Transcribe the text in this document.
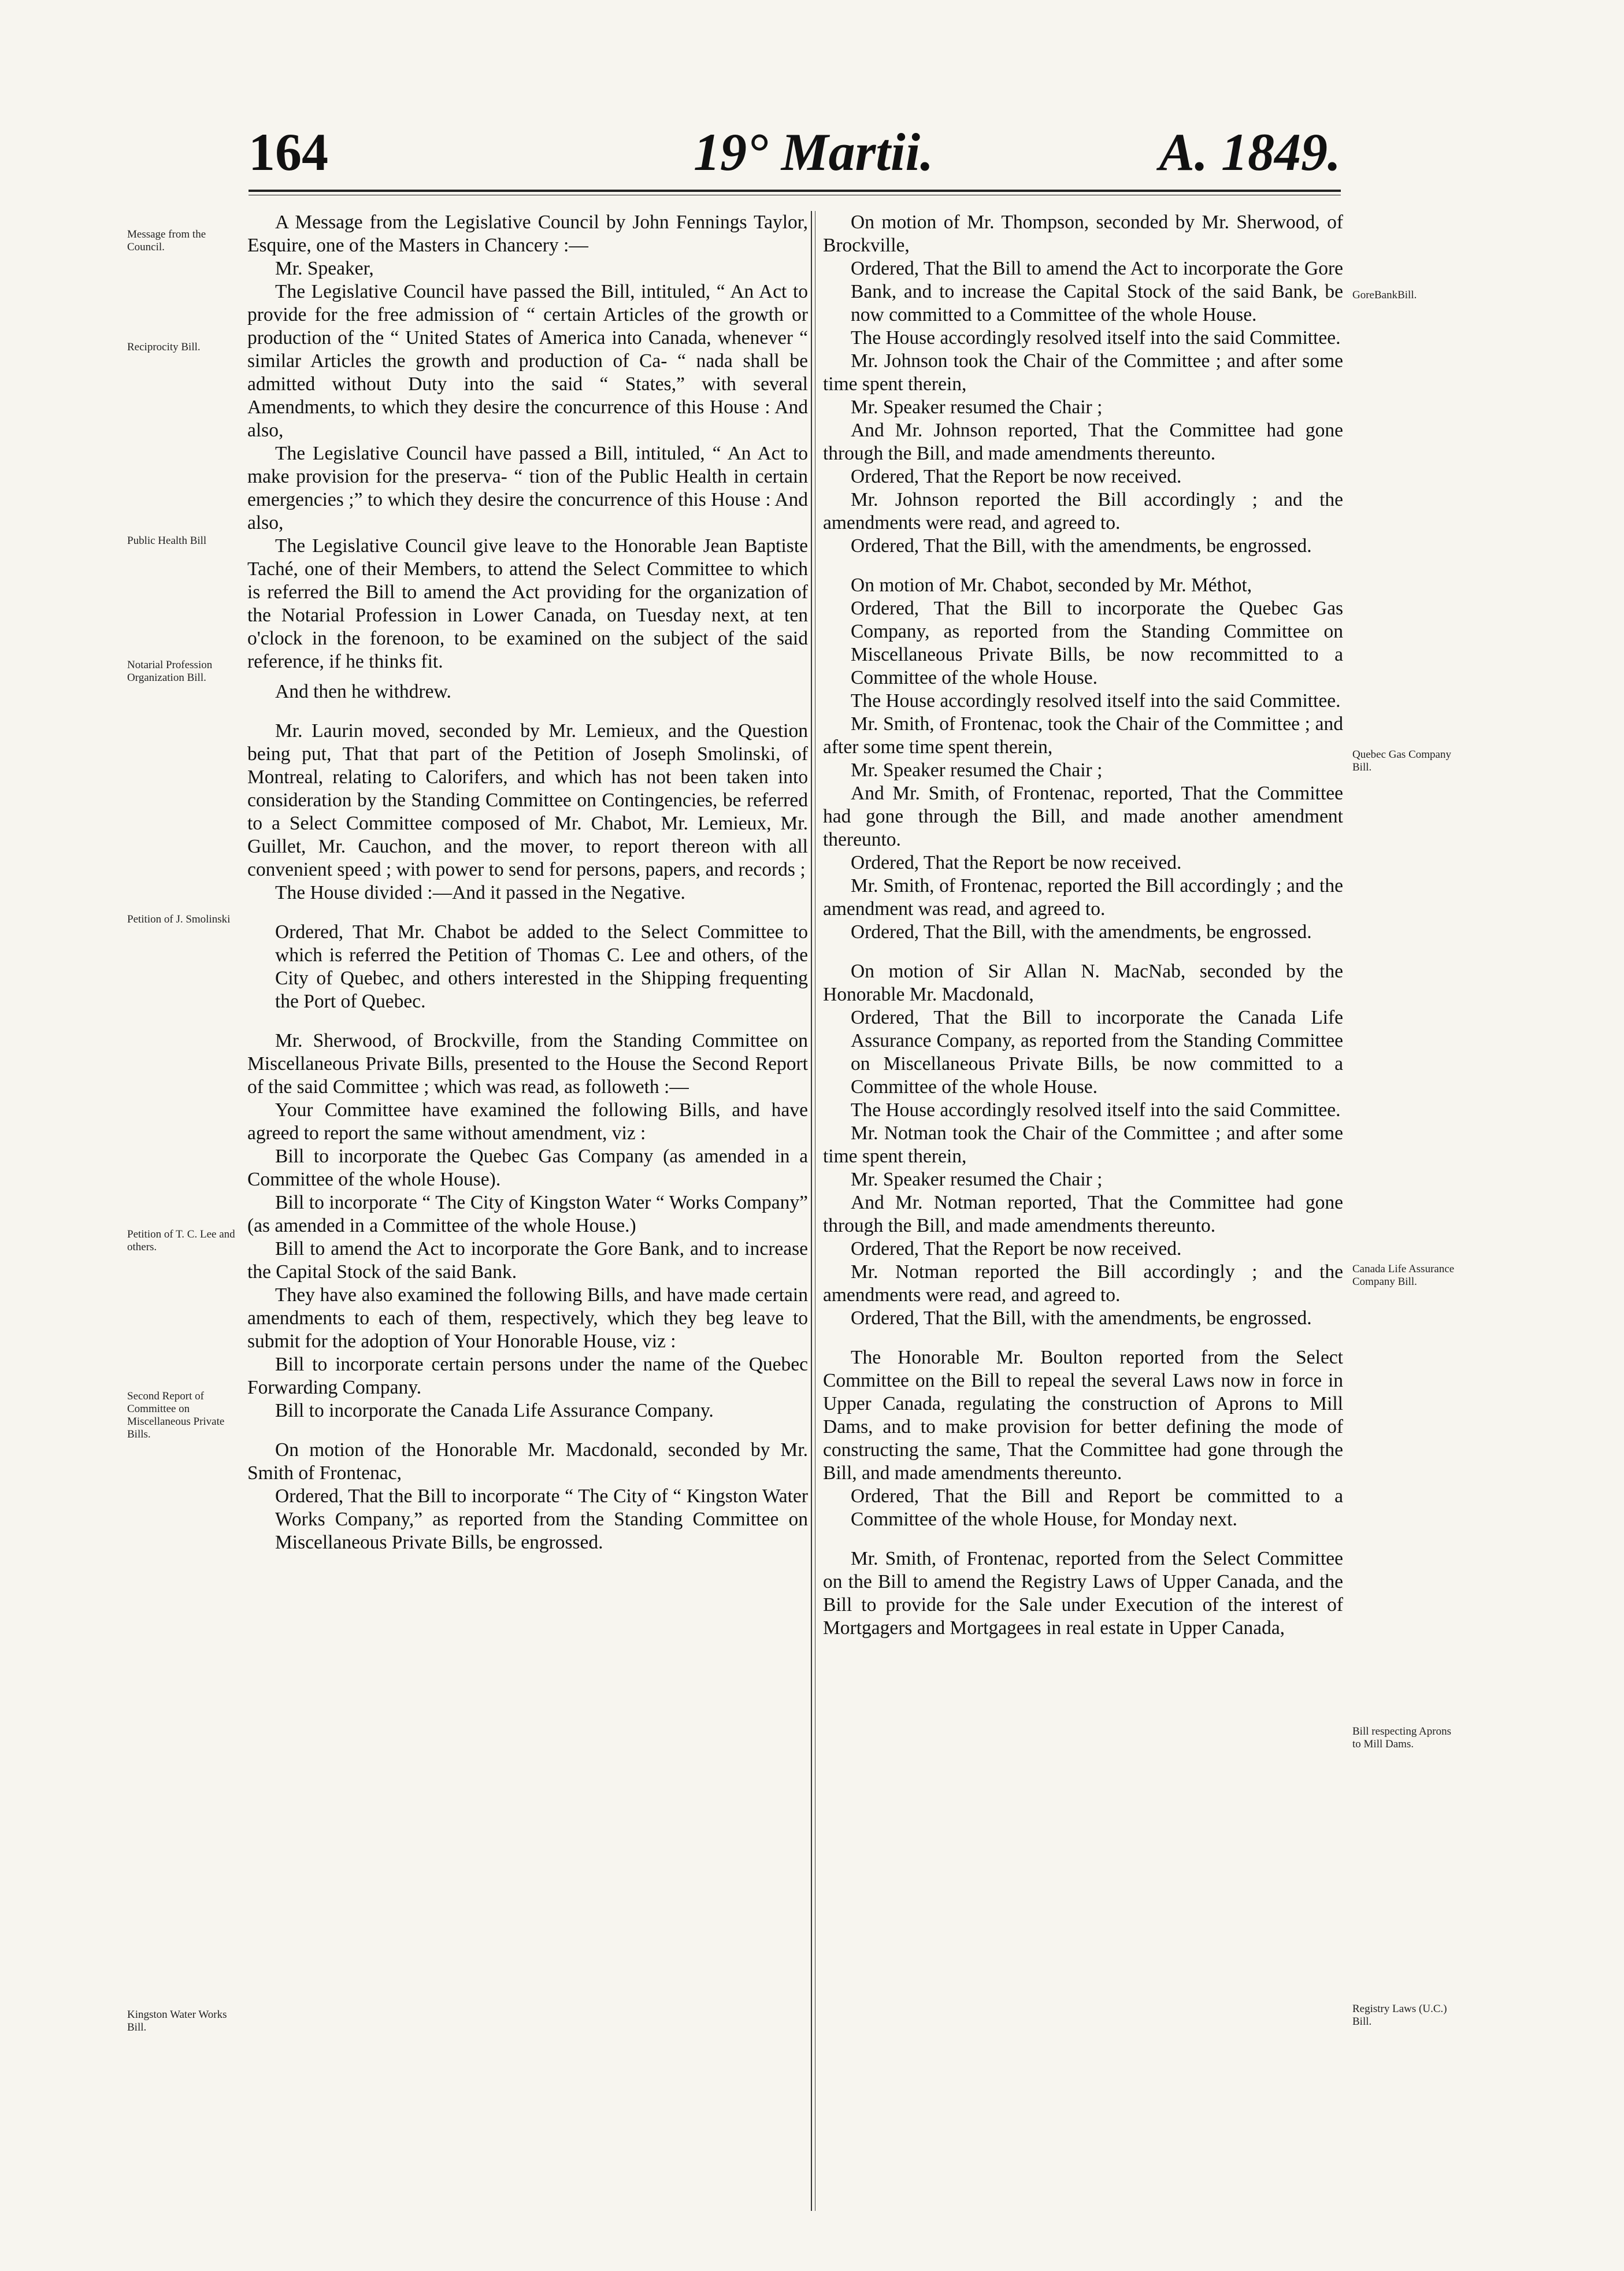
164	19° Martii.	A. 1849.
Message from the Council.
Reciprocity Bill.
Public Health Bill
Notarial Profession Organization Bill.
Petition of J. Smolinski
Petition of T. C. Lee and others.
Second Report of Committee on Miscellaneous Private Bills.
Kingston Water Works Bill.
GoreBankBill.
Quebec Gas Company Bill.
Canada Life Assurance Company Bill.
Bill respecting Aprons to Mill Dams.
Registry Laws (U.C.) Bill.

A Message from the Legislative Council by John Fennings Taylor, Esquire, one of the Masters in Chancery :—

Mr. Speaker,

The Legislative Council have passed the Bill, intituled, “ An Act to provide for the free admission of “ certain Articles of the growth or production of the “ United States of America into Canada, whenever “ similar Articles the growth and production of Ca- “ nada shall be admitted without Duty into the said “ States,” with several Amendments, to which they desire the concurrence of this House : And also,

The Legislative Council have passed a Bill, intituled, “ An Act to make provision for the preserva- “ tion of the Public Health in certain emergencies ;” to which they desire the concurrence of this House : And also,

The Legislative Council give leave to the Honorable Jean Baptiste Taché, one of their Members, to attend the Select Committee to which is referred the Bill to amend the Act providing for the organization of the Notarial Profession in Lower Canada, on Tuesday next, at ten o'clock in the forenoon, to be examined on the subject of the said reference, if he thinks fit.

And then he withdrew.

Mr. Laurin moved, seconded by Mr. Lemieux, and the Question being put, That that part of the Petition of Joseph Smolinski, of Montreal, relating to Calorifers, and which has not been taken into consideration by the Standing Committee on Contingencies, be referred to a Select Committee composed of Mr. Chabot, Mr. Lemieux, Mr. Guillet, Mr. Cauchon, and the mover, to report thereon with all convenient speed ; with power to send for persons, papers, and records ;

The House divided :—And it passed in the Negative.

Ordered, That Mr. Chabot be added to the Select Committee to which is referred the Petition of Thomas C. Lee and others, of the City of Quebec, and others interested in the Shipping frequenting the Port of Quebec.

Mr. Sherwood, of Brockville, from the Standing Committee on Miscellaneous Private Bills, presented to the House the Second Report of the said Committee ; which was read, as followeth :—

Your Committee have examined the following Bills, and have agreed to report the same without amendment, viz :

Bill to incorporate the Quebec Gas Company (as amended in a Committee of the whole House).

Bill to incorporate “ The City of Kingston Water “ Works Company” (as amended in a Committee of the whole House.)

Bill to amend the Act to incorporate the Gore Bank, and to increase the Capital Stock of the said Bank.

They have also examined the following Bills, and have made certain amendments to each of them, respectively, which they beg leave to submit for the adoption of Your Honorable House, viz :

Bill to incorporate certain persons under the name of the Quebec Forwarding Company.

Bill to incorporate the Canada Life Assurance Company.

On motion of the Honorable Mr. Macdonald, seconded by Mr. Smith of Frontenac,

Ordered, That the Bill to incorporate “ The City of “ Kingston Water Works Company,” as reported from the Standing Committee on Miscellaneous Private Bills, be engrossed.

On motion of Mr. Thompson, seconded by Mr. Sherwood, of Brockville,

Ordered, That the Bill to amend the Act to incorporate the Gore Bank, and to increase the Capital Stock of the said Bank, be now committed to a Committee of the whole House.

The House accordingly resolved itself into the said Committee.

Mr. Johnson took the Chair of the Committee ; and after some time spent therein,

Mr. Speaker resumed the Chair ;

And Mr. Johnson reported, That the Committee had gone through the Bill, and made amendments thereunto.

Ordered, That the Report be now received.

Mr. Johnson reported the Bill accordingly ; and the amendments were read, and agreed to.

Ordered, That the Bill, with the amendments, be engrossed.

On motion of Mr. Chabot, seconded by Mr. Méthot,

Ordered, That the Bill to incorporate the Quebec Gas Company, as reported from the Standing Committee on Miscellaneous Private Bills, be now recommitted to a Committee of the whole House.

The House accordingly resolved itself into the said Committee.

Mr. Smith, of Frontenac, took the Chair of the Committee ; and after some time spent therein,

Mr. Speaker resumed the Chair ;

And Mr. Smith, of Frontenac, reported, That the Committee had gone through the Bill, and made another amendment thereunto.

Ordered, That the Report be now received.

Mr. Smith, of Frontenac, reported the Bill accordingly ; and the amendment was read, and agreed to.

Ordered, That the Bill, with the amendments, be engrossed.

On motion of Sir Allan N. MacNab, seconded by the Honorable Mr. Macdonald,

Ordered, That the Bill to incorporate the Canada Life Assurance Company, as reported from the Standing Committee on Miscellaneous Private Bills, be now committed to a Committee of the whole House.

The House accordingly resolved itself into the said Committee.

Mr. Notman took the Chair of the Committee ; and after some time spent therein,

Mr. Speaker resumed the Chair ;

And Mr. Notman reported, That the Committee had gone through the Bill, and made amendments thereunto.

Ordered, That the Report be now received.

Mr. Notman reported the Bill accordingly ; and the amendments were read, and agreed to.

Ordered, That the Bill, with the amendments, be engrossed.

The Honorable Mr. Boulton reported from the Select Committee on the Bill to repeal the several Laws now in force in Upper Canada, regulating the construction of Aprons to Mill Dams, and to make provision for better defining the mode of constructing the same, That the Committee had gone through the Bill, and made amendments thereunto.

Ordered, That the Bill and Report be committed to a Committee of the whole House, for Monday next.

Mr. Smith, of Frontenac, reported from the Select Committee on the Bill to amend the Registry Laws of Upper Canada, and the Bill to provide for the Sale under Execution of the interest of Mortgagers and Mortgagees in real estate in Upper Canada,
